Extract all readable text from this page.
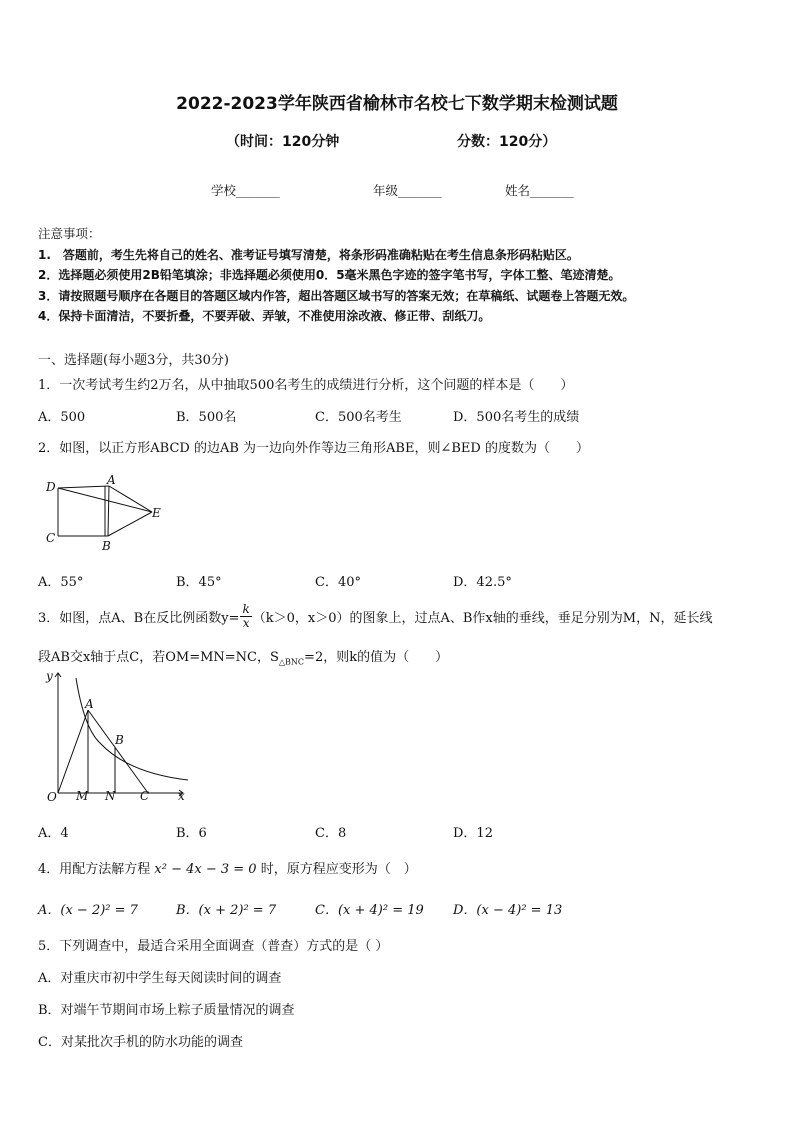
2022-2023学年陕西省榆林市名校七下数学期末检测试题
（时间：120分钟	分数：120分）
学校_______	年级_______	姓名_______
注意事项：
1.　答题前，考生先将自己的姓名、准考证号填写清楚，将条形码准确粘贴在考生信息条形码粘贴区。
2．选择题必须使用2B铅笔填涂；非选择题必须使用0．5毫米黑色字迹的签字笔书写，字体工整、笔迹清楚。
3．请按照题号顺序在各题目的答题区域内作答，超出答题区域书写的答案无效；在草稿纸、试题卷上答题无效。
4．保持卡面清洁，不要折叠，不要弄破、弄皱，不准使用涂改液、修正带、刮纸刀。
一、选择题(每小题3分，共30分)
1．一次考试考生约2万名，从中抽取500名考生的成绩进行分析，这个问题的样本是（　　）
A．500	B．500名	C．500名考生	D．500名考生的成绩
2．如图，以正方形ABCD 的边AB 为一边向外作等边三角形ABE，则∠BED 的度数为（　　）
D	A
E
C
B
A．55°	B．45°	C．40°	D．42.5°
3．如图，点A、B在反比例函数$y= \frac{k}{x} (k>0$，x＞0）的图象上，过点A、B作x轴的垂线，垂足分别为M，N，延长线
段AB交x轴于点C，若OM=MN=NC，$S_{\triangle BNC}=2$，则k的值为（　　）
y
A
B
O M N C x
A．4	B．6	C．8	D．12
4．用配方法解方程 x² − 4x − 3 = 0 时，原方程应变形为（　）
A．(x − 2)² = 7	B．(x + 2)² = 7	C．(x + 4)² = 19 D．(x − 4)² = 13
5．下列调查中，最适合采用全面调查（普查）方式的是（ ）
A．对重庆市初中学生每天阅读时间的调查
B．对端午节期间市场上粽子质量情况的调查
C．对某批次手机的防水功能的调查
